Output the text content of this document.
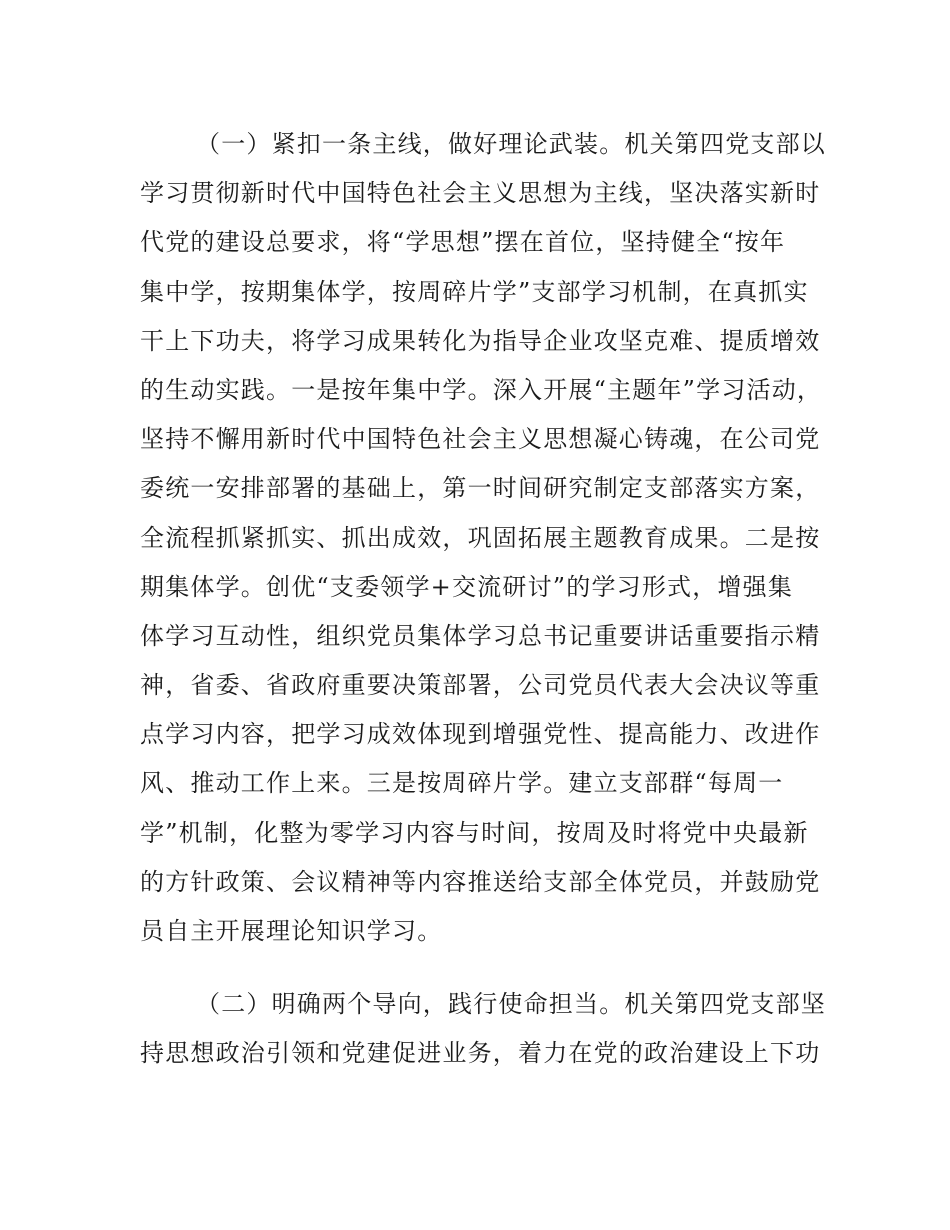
（一）紧扣一条主线，做好理论武装。机关第四党支部以
学习贯彻新时代中国特色社会主义思想为主线，坚决落实新时
代党的建设总要求，将“学思想”摆在首位，坚持健全“按年
集中学，按期集体学，按周碎片学”支部学习机制，在真抓实
干上下功夫，将学习成果转化为指导企业攻坚克难、提质增效
的生动实践。一是按年集中学。深入开展“主题年”学习活动，
坚持不懈用新时代中国特色社会主义思想凝心铸魂，在公司党
委统一安排部署的基础上，第一时间研究制定支部落实方案，
全流程抓紧抓实、抓出成效，巩固拓展主题教育成果。二是按
期集体学。创优“支委领学+交流研讨”的学习形式，增强集
体学习互动性，组织党员集体学习总书记重要讲话重要指示精
神，省委、省政府重要决策部署，公司党员代表大会决议等重
点学习内容，把学习成效体现到增强党性、提高能力、改进作
风、推动工作上来。三是按周碎片学。建立支部群“每周一
学”机制，化整为零学习内容与时间，按周及时将党中央最新
的方针政策、会议精神等内容推送给支部全体党员，并鼓励党
员自主开展理论知识学习。
（二）明确两个导向，践行使命担当。机关第四党支部坚
持思想政治引领和党建促进业务，着力在党的政治建设上下功
